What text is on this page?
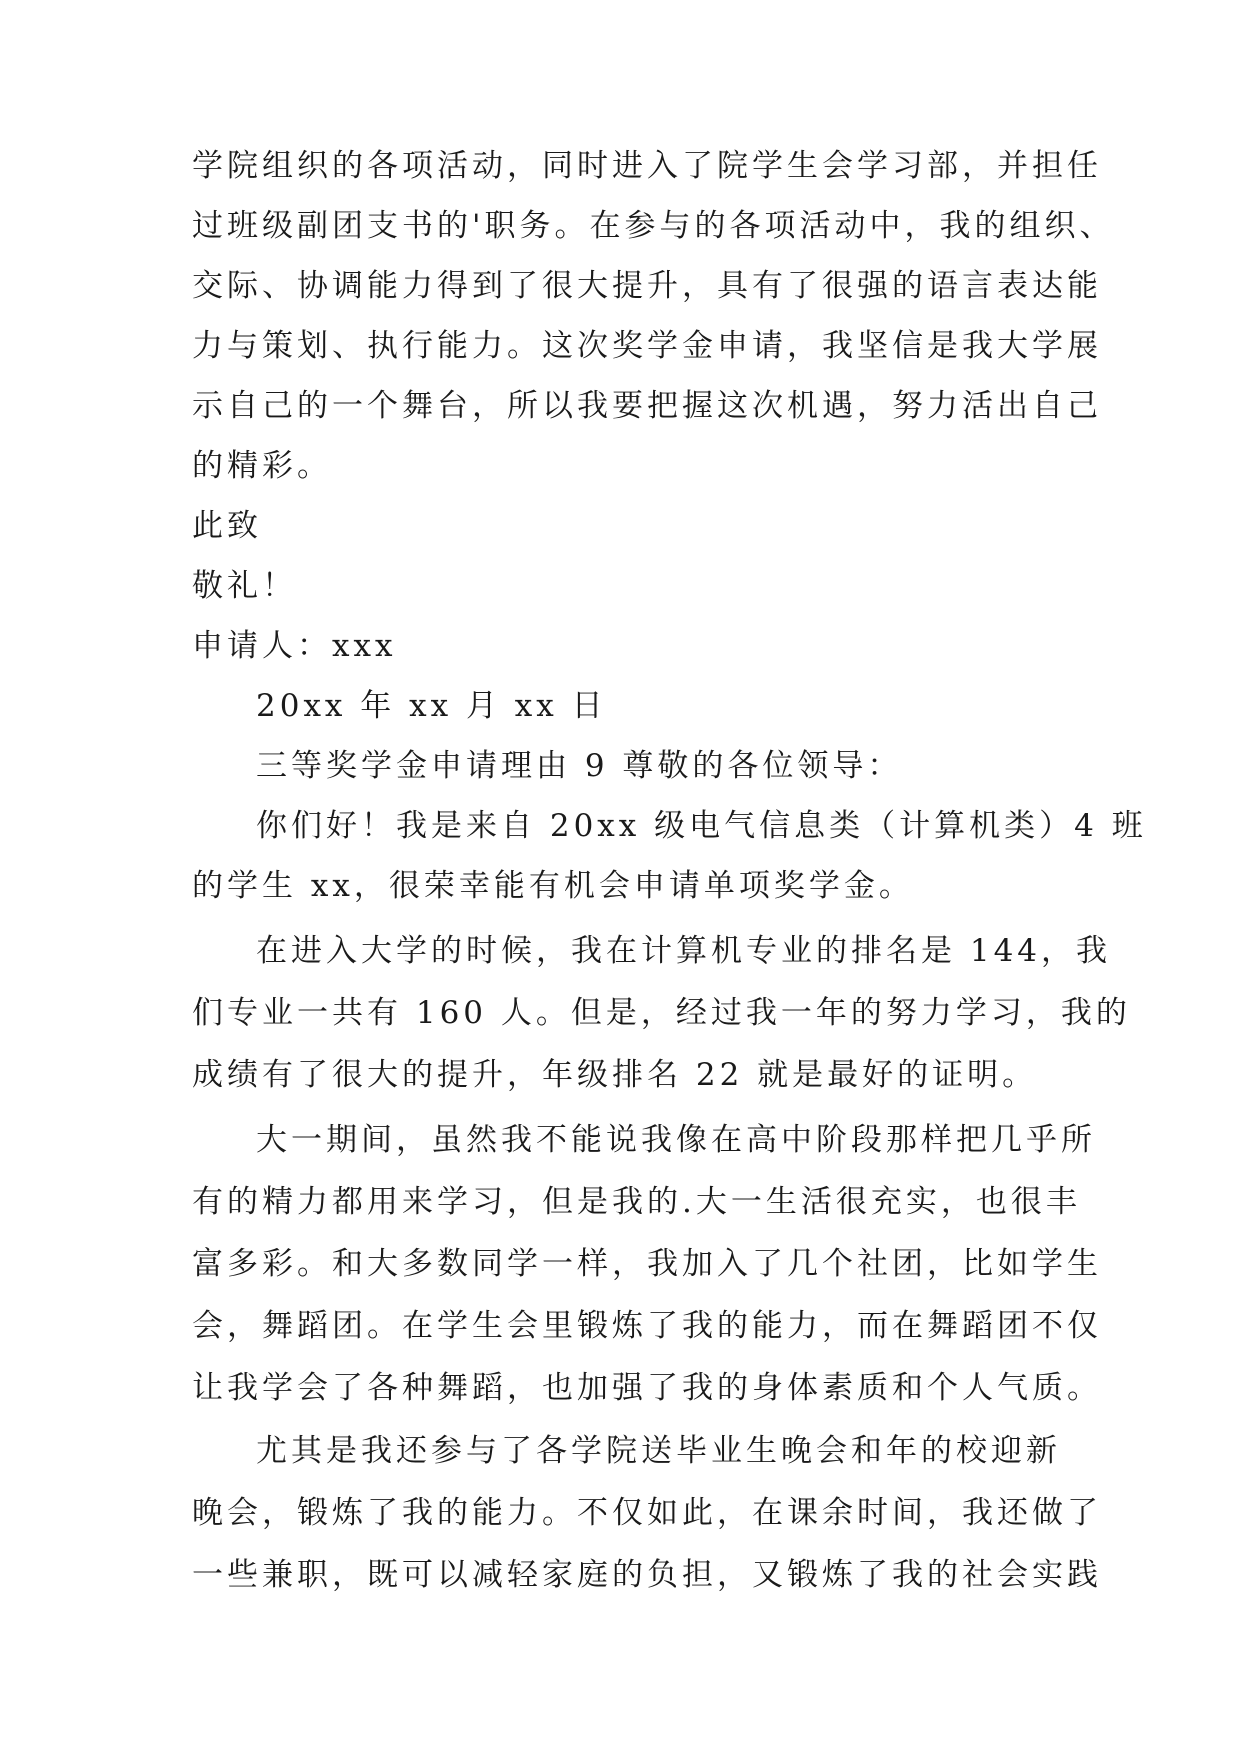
学院组织的各项活动，同时进入了院学生会学习部，并担任
过班级副团支书的'职务。在参与的各项活动中，我的组织、
交际、协调能力得到了很大提升，具有了很强的语言表达能
力与策划、执行能力。这次奖学金申请，我坚信是我大学展
示自己的一个舞台，所以我要把握这次机遇，努力活出自己
的精彩。
此致
敬礼！
申请人：xxx
20xx 年 xx 月 xx 日
三等奖学金申请理由 9 尊敬的各位领导：
你们好！我是来自 20xx 级电气信息类（计算机类）4 班
的学生 xx，很荣幸能有机会申请单项奖学金。
在进入大学的时候，我在计算机专业的排名是 144，我
们专业一共有 160 人。但是，经过我一年的努力学习，我的
成绩有了很大的提升，年级排名 22 就是最好的证明。
大一期间，虽然我不能说我像在高中阶段那样把几乎所
有的精力都用来学习，但是我的.大一生活很充实，也很丰
富多彩。和大多数同学一样，我加入了几个社团，比如学生
会，舞蹈团。在学生会里锻炼了我的能力，而在舞蹈团不仅
让我学会了各种舞蹈，也加强了我的身体素质和个人气质。
尤其是我还参与了各学院送毕业生晚会和年的校迎新
晚会，锻炼了我的能力。不仅如此，在课余时间，我还做了
一些兼职，既可以减轻家庭的负担，又锻炼了我的社会实践
